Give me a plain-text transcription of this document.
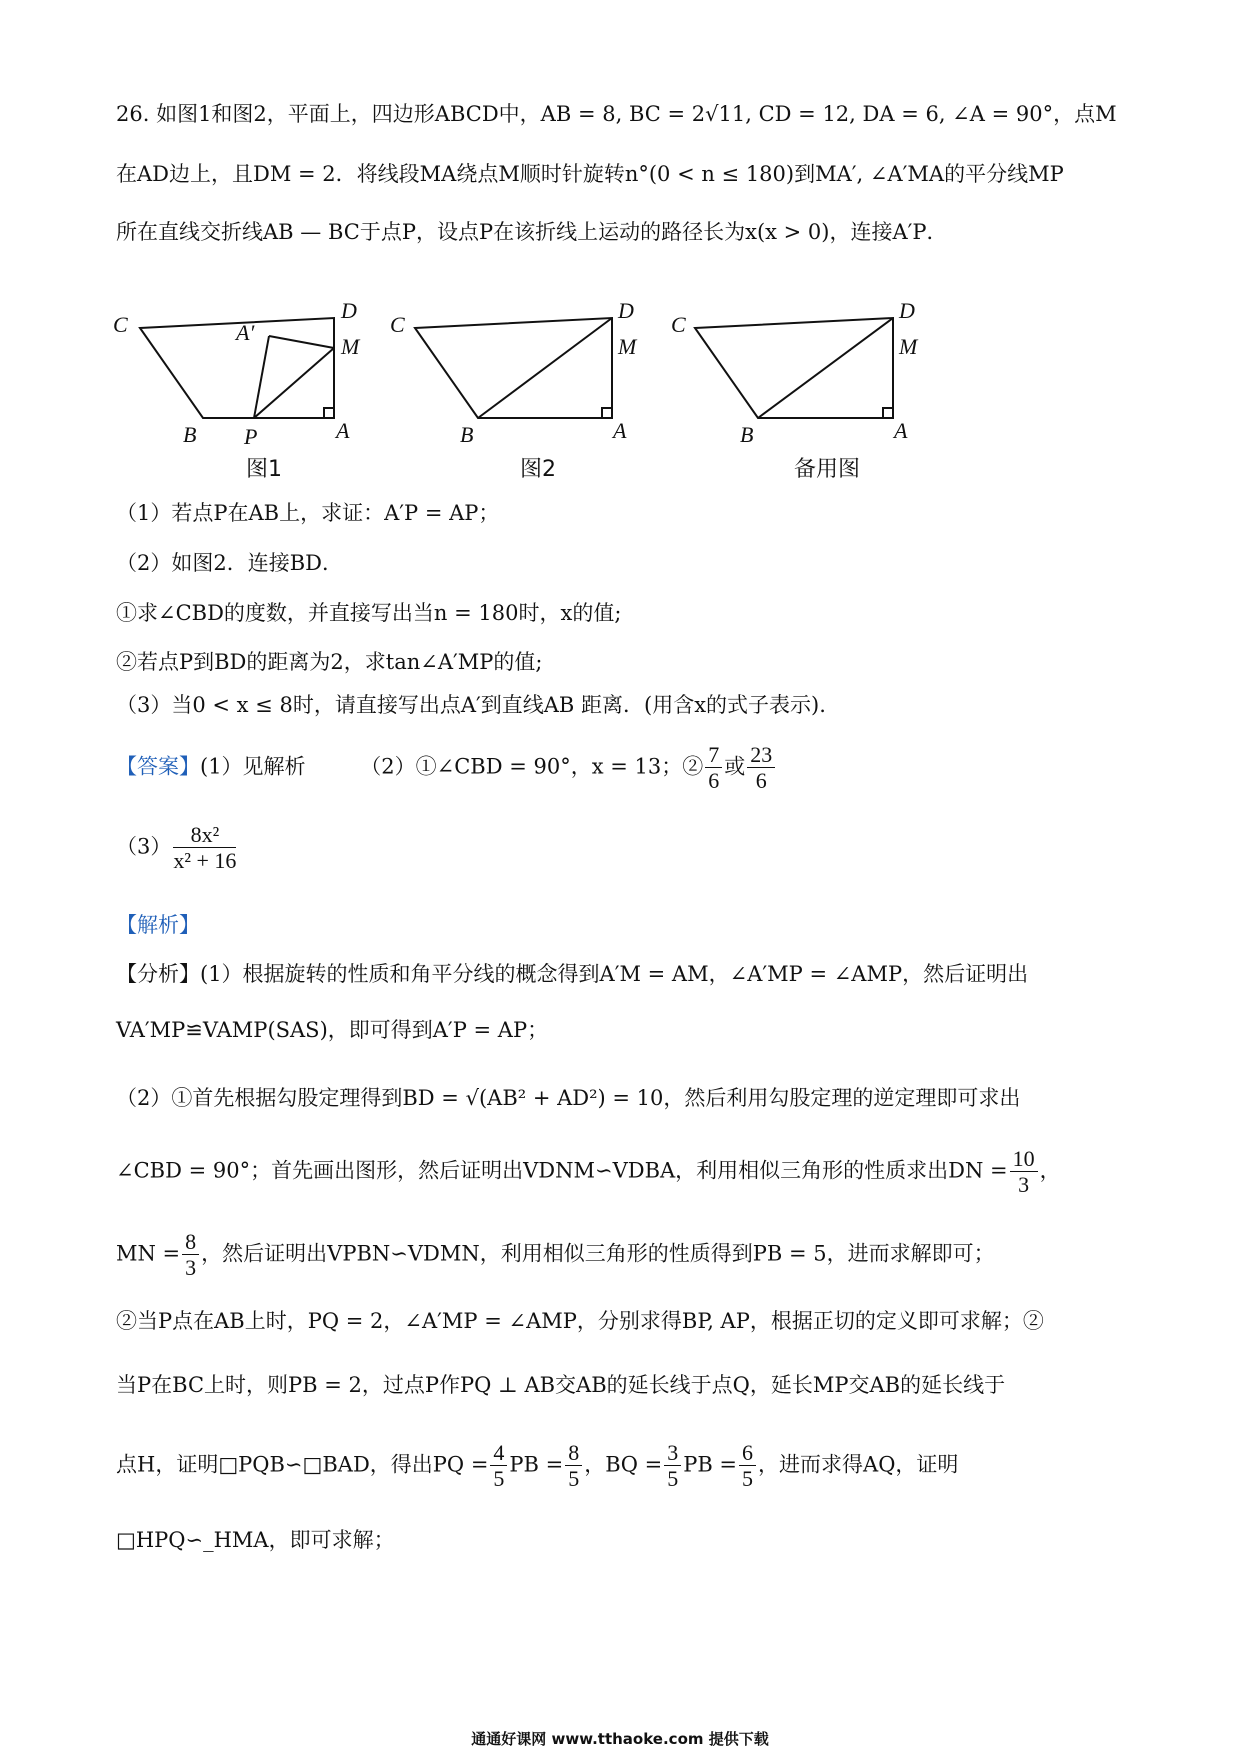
26. 如图1和图2，平面上，四边形ABCD中，AB = 8, BC = 2√11, CD = 12, DA = 6, ∠A = 90°，点M
在AD边上，且DM = 2．将线段MA绕点M顺时针旋转n°(0 < n ≤ 180)到MA′, ∠A′MA的平分线MP
所在直线交折线AB — BC于点P，设点P在该折线上运动的路径长为x(x > 0)，连接A′P．
C
D
M
A
B P
A′	C
D
M
A
B
C
D
M
A
B
图1	图2	备用图
（1）若点P在AB上，求证：A′P = AP；
（2）如图2．连接BD．
①求∠CBD的度数，并直接写出当n = 180时，x的值;
②若点P到BD的距离为2，求tan∠A′MP的值;
（3）当0 < x ≤ 8时，请直接写出点A′到直线AB 距离．(用含x的式子表示).
【答案】(1）见解析	（2）①∠CBD = 90°，x = 13；② $\frac{7}{6}$ 或 $\frac{23}{6}$
$(3) \frac{\text{8x²}}{\text{x² + 16}}$
【解析】
【分析】(1）根据旋转的性质和角平分线的概念得到A′M = AM，∠A′MP = ∠AMP，然后证明出
VA′MP≌VAMP(SAS)，即可得到A′P = AP；
（2）①首先根据勾股定理得到BD = √(AB² + AD²) = 10，然后利用勾股定理的逆定理即可求出
∠CBD = 90°；首先画出图形，然后证明出VDNM∽VDBA，利用相似三角形的性质求出DN = $\frac{10}{3}$ ，
MN = $\frac{8}{3}$ ，然后证明出VPBN∽VDMN，利用相似三角形的性质得到PB = 5，进而求解即可；
②当P点在AB上时，PQ = 2，∠A′MP = ∠AMP，分别求得BP, AP，根据正切的定义即可求解；②
当P在BC上时，则PB = 2，过点P作PQ ⊥ AB交AB的延长线于点Q，延长MP交AB的延长线于
点H，证明□PQB∽□BAD，得出PQ = $\frac{4}{5}$ PB = $\frac{8}{5}$ ，BQ = $\frac{3}{5}$ PB = $\frac{6}{5}$ ，进而求得AQ，证明
□HPQ∽_HMA，即可求解；
通通好课网 www.tthaoke.com 提供下载
